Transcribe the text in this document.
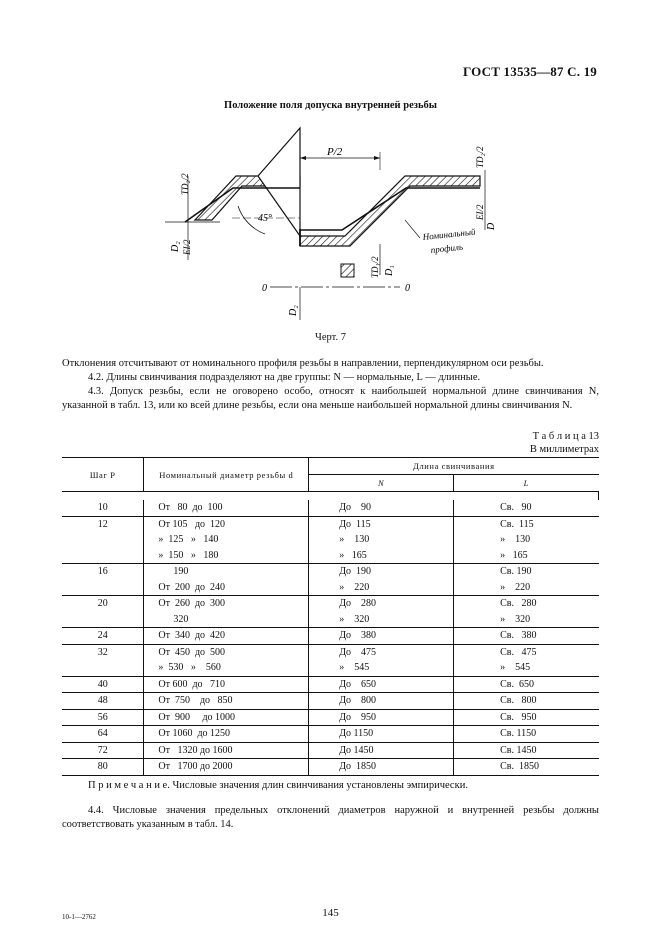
ГОСТ 13535—87 С. 19
Положение поля допуска внутренней резьбы
P/2
TD₂/2
TD₂/2
EI/2
EI/2
D₂
D
45°
Номинальный
профиль
TD₁/2 D₁
0	0
D₂
Черт. 7
Отклонения отсчитывают от номинального профиля резьбы в направлении, перпендикулярном оси резьбы.
4.2. Длины свинчивания подразделяют на две группы: N — нормальные, L — длинные.
4.3. Допуск резьбы, если не оговорено особо, относят к наибольшей нормальной длине свинчивания N, указанной в табл. 13, или ко всей длине резьбы, если она меньше наибольшей нормальной длины свинчивания N.
Т а б л и ц а 13
В миллиметрах
Шаг P	Номинальный диаметр резьбы d	Длина свинчивания	
		N	L

10	От   80  до  100	До    90	Св.   90
12	От 105   до  120	До  115	Св.  115
	»  125   »   140	»    130	»    130
	»  150   »   180	»   165	»   165
16	190	До  190	Св. 190
	От  200  до  240	»    220	»    220
20	От  260  до  300	До    280	Св.   280
	320	»    320	»    320
24	От  340  до  420	До    380	Св.   380
32	От  450  до  500	До    475	Св.   475
	»  530   »    560	»    545	»    545
40	От 600  до   710	До    650	Св.  650
48	От  750    до   850	До    800	Св.   800
56	От  900     до 1000	До    950	Св.   950
64	От 1060  до 1250	До 1150	Св. 1150
72	От   1320 до 1600	До 1450	Св. 1450
80	От   1700 до 2000	До  1850	Св.  1850
П р и м е ч а н и е. Числовые значения длин свинчивания установлены эмпирически.
4.4. Числовые значения предельных отклонений диаметров наружной и внутренней резьбы должны соответствовать указанным в табл. 14.
10-1—2762	145
